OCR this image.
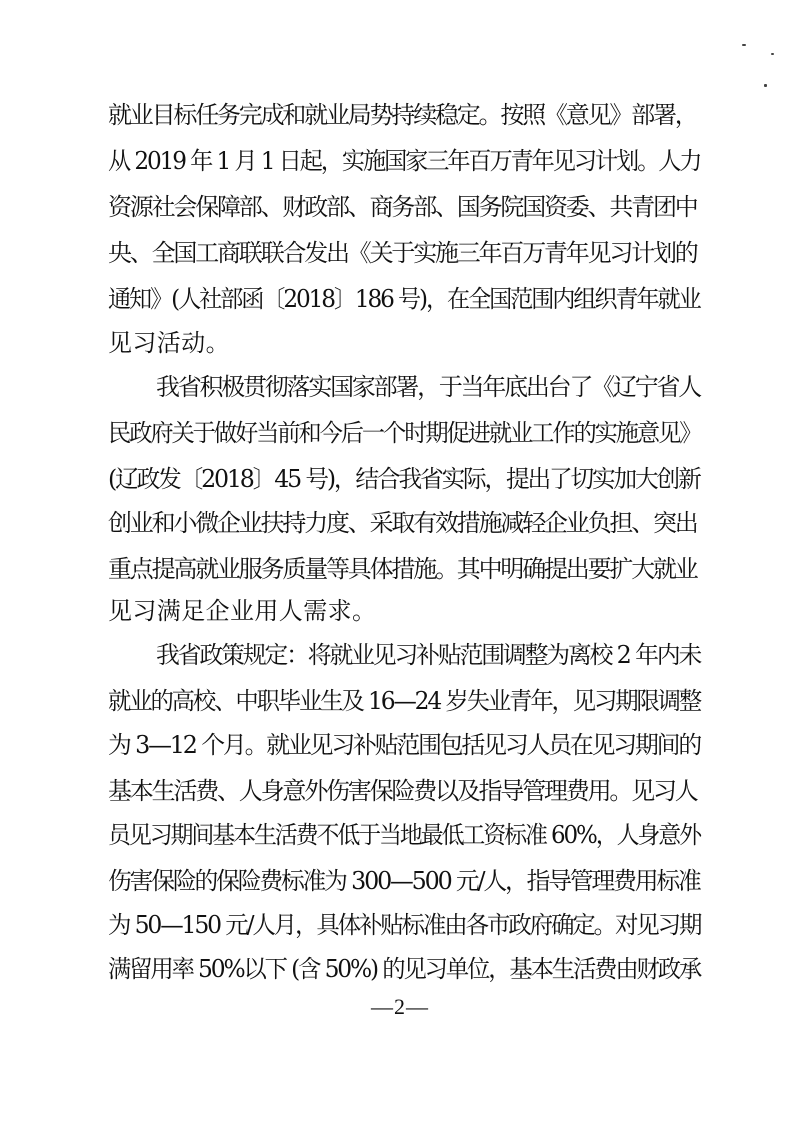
就业目标任务完成和就业局势持续稳定。按照《意见》部署，
从 2019 年 1 月 1 日起，实施国家三年百万青年见习计划。人力
资源社会保障部、财政部、商务部、国务院国资委、共青团中
央、全国工商联联合发出《关于实施三年百万青年见习计划的
通知》(人社部函〔2018〕186 号)，在全国范围内组织青年就业
见习活动。
我省积极贯彻落实国家部署，于当年底出台了《辽宁省人
民政府关于做好当前和今后一个时期促进就业工作的实施意见》
(辽政发〔2018〕45 号)，结合我省实际，提出了切实加大创新
创业和小微企业扶持力度、采取有效措施减轻企业负担、突出
重点提高就业服务质量等具体措施。其中明确提出要扩大就业
见习满足企业用人需求。
我省政策规定：将就业见习补贴范围调整为离校 2 年内未
就业的高校、中职毕业生及 16—24 岁失业青年，见习期限调整
为 3—12 个月。就业见习补贴范围包括见习人员在见习期间的
基本生活费、人身意外伤害保险费以及指导管理费用。见习人
员见习期间基本生活费不低于当地最低工资标准 60%，人身意外
伤害保险的保险费标准为 300—500 元/人，指导管理费用标准
为 50—150 元/人月，具体补贴标准由各市政府确定。对见习期
满留用率 50%以下 (含 50%) 的见习单位，基本生活费由财政承
—2—
